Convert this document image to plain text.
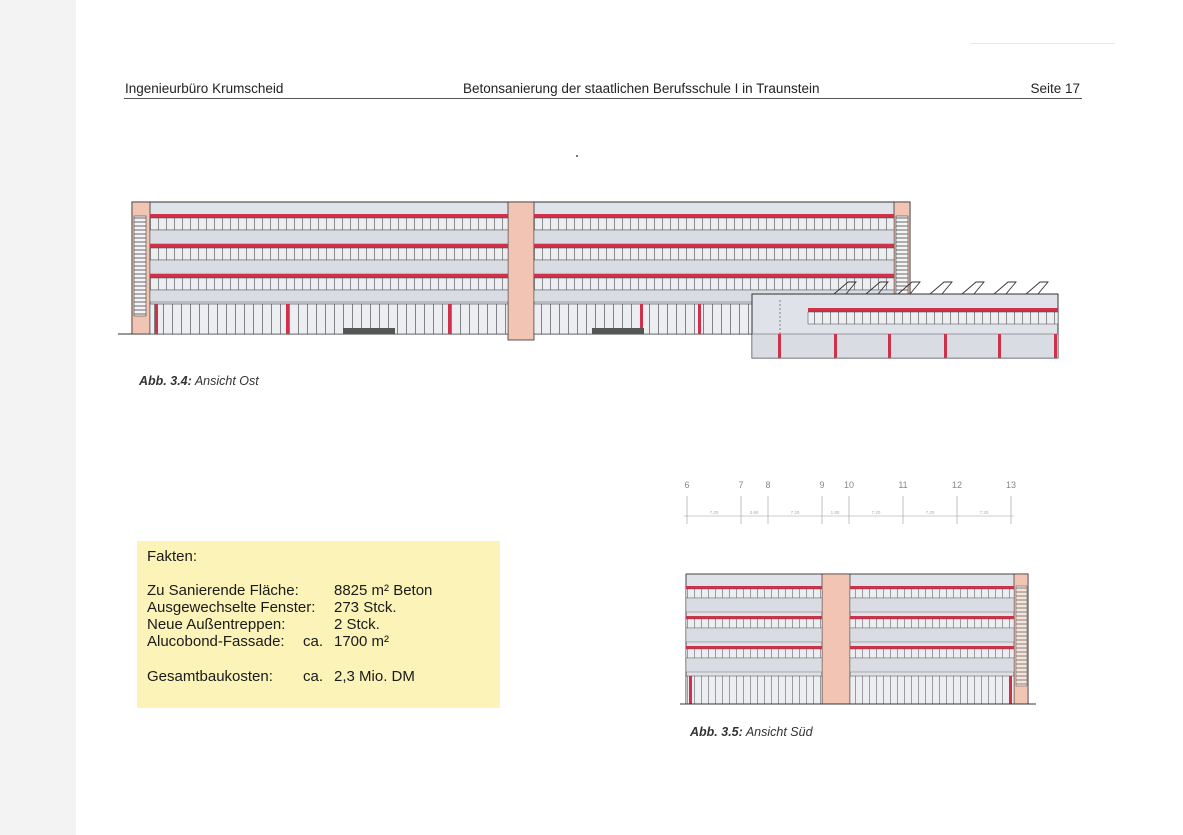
Ingenieurbüro Krumscheid	Betonsanierung der staatlichen Berufsschule I in Traunstein	Seite 17
Abb. 3.4: Ansicht Ost
Fakten:
Zu Sanierende Fläche: 8825 m² Beton
Ausgewechselte Fenster: 273 Stck.
Neue Außentreppen:	2 Stck.
Alucobond-Fassade: ca. 1700 m²
Gesamtbaukosten: ca. 2,3 Mio. DM
6	7 8	9 10	11	12	13
7.20	3.60	7.20	1.80	7.20	7.20	7.20
Abb. 3.5: Ansicht Süd
